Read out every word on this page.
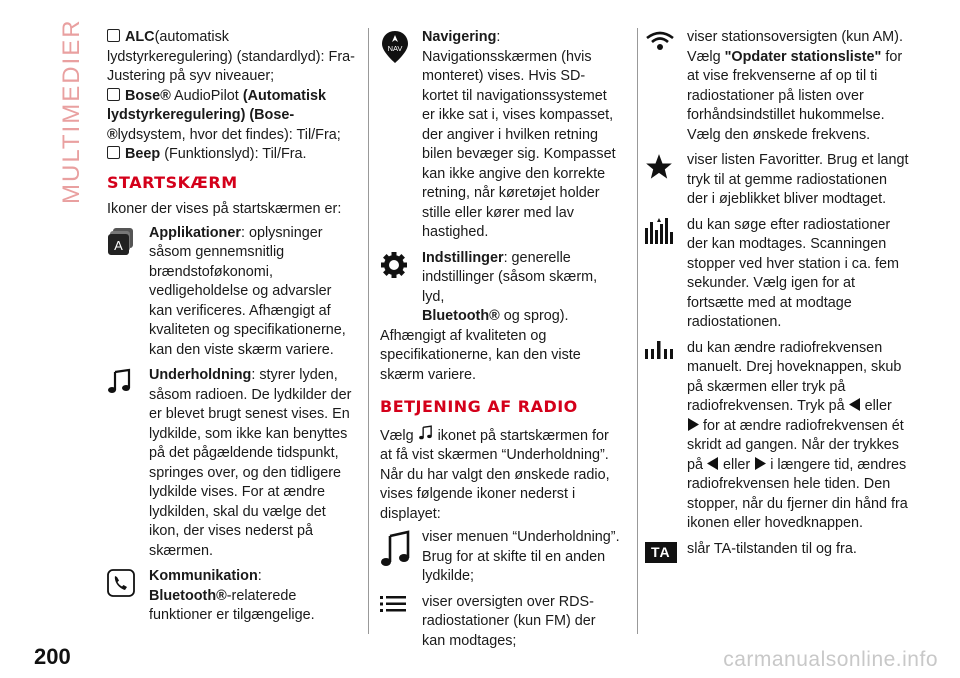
MULTIMEDIER	ALC(automatisk lydstyrkeregulering) (standardlyd): Fra-Justering på syv niveauer;

Bose® AudioPilot (Automatisk lydstyrkeregulering) (Bose-®lydsystem, hvor det findes): Til/Fra;

Beep (Funktionslyd): Til/Fra.

STARTSKÆRM

Ikoner der vises på startskærmen er:

A
Applikationer: oplysninger såsom gennemsnitlig brændstoføkonomi, vedligeholdelse og advarsler kan verificeres. Afhængigt af kvaliteten og specifikationerne, kan den viste skærm variere.
Underholdning: styrer lyden, såsom radioen. De lydkilder der er blevet brugt senest vises. En lydkilde, som ikke kan benyttes på det pågældende tidspunkt, springes over, og den tidligere lydkilde vises. For at ændre lydkilden, skal du vælge det ikon, der vises nederst på skærmen.
Kommunikation:
Bluetooth®-relaterede funktioner er tilgængelige.
NAV
Navigering: Navigationsskærmen (hvis monteret) vises. Hvis SD-kortet til navigationssystemet er ikke sat i, vises kompasset, der angiver i hvilken retning bilen bevæger sig. Kompasset kan ikke angive den korrekte retning, når køretøjet holder stille eller kører med lav hastighed.
Indstillinger: generelle indstillinger (såsom skærm, lyd,
Bluetooth® og sprog).

Afhængigt af kvaliteten og specifikationerne, kan den viste skærm variere.

BETJENING AF RADIO

Vælg ikonet på startskærmen for at få vist skærmen “Underholdning”. Når du har valgt den ønskede radio, vises følgende ikoner nederst i displayet:

viser menuen “Underholdning”. Brug for at skifte til en anden lydkilde;
viser oversigten over RDS-radiostationer (kun FM) der kan modtages;
viser stationsoversigten (kun AM). Vælg "Opdater stationsliste" for at vise frekvenserne af op til ti radiostationer på listen over forhåndsindstillet hukommelse. Vælg den ønskede frekvens.
viser listen Favoritter. Brug et langt tryk til at gemme radiostationen der i øjeblikket bliver modtaget.
du kan søge efter radiostationer der kan modtages. Scanningen stopper ved hver station i ca. fem sekunder. Vælg igen for at fortsætte med at modtage radiostationen.
du kan ændre radiofrekvensen manuelt. Drej hoveknappen, skub på skærmen eller tryk på radiofrekvensen. Tryk på eller
for at ændre radiofrekvensen ét skridt ad gangen. Når der trykkes på eller i længere tid, ændres radiofrekvensen hele tiden. Den stopper, når du fjerner din hånd fra ikonen eller hovedknappen.
TA	slår TA-tilstanden til og fra.
200	carmanualsonline.info
